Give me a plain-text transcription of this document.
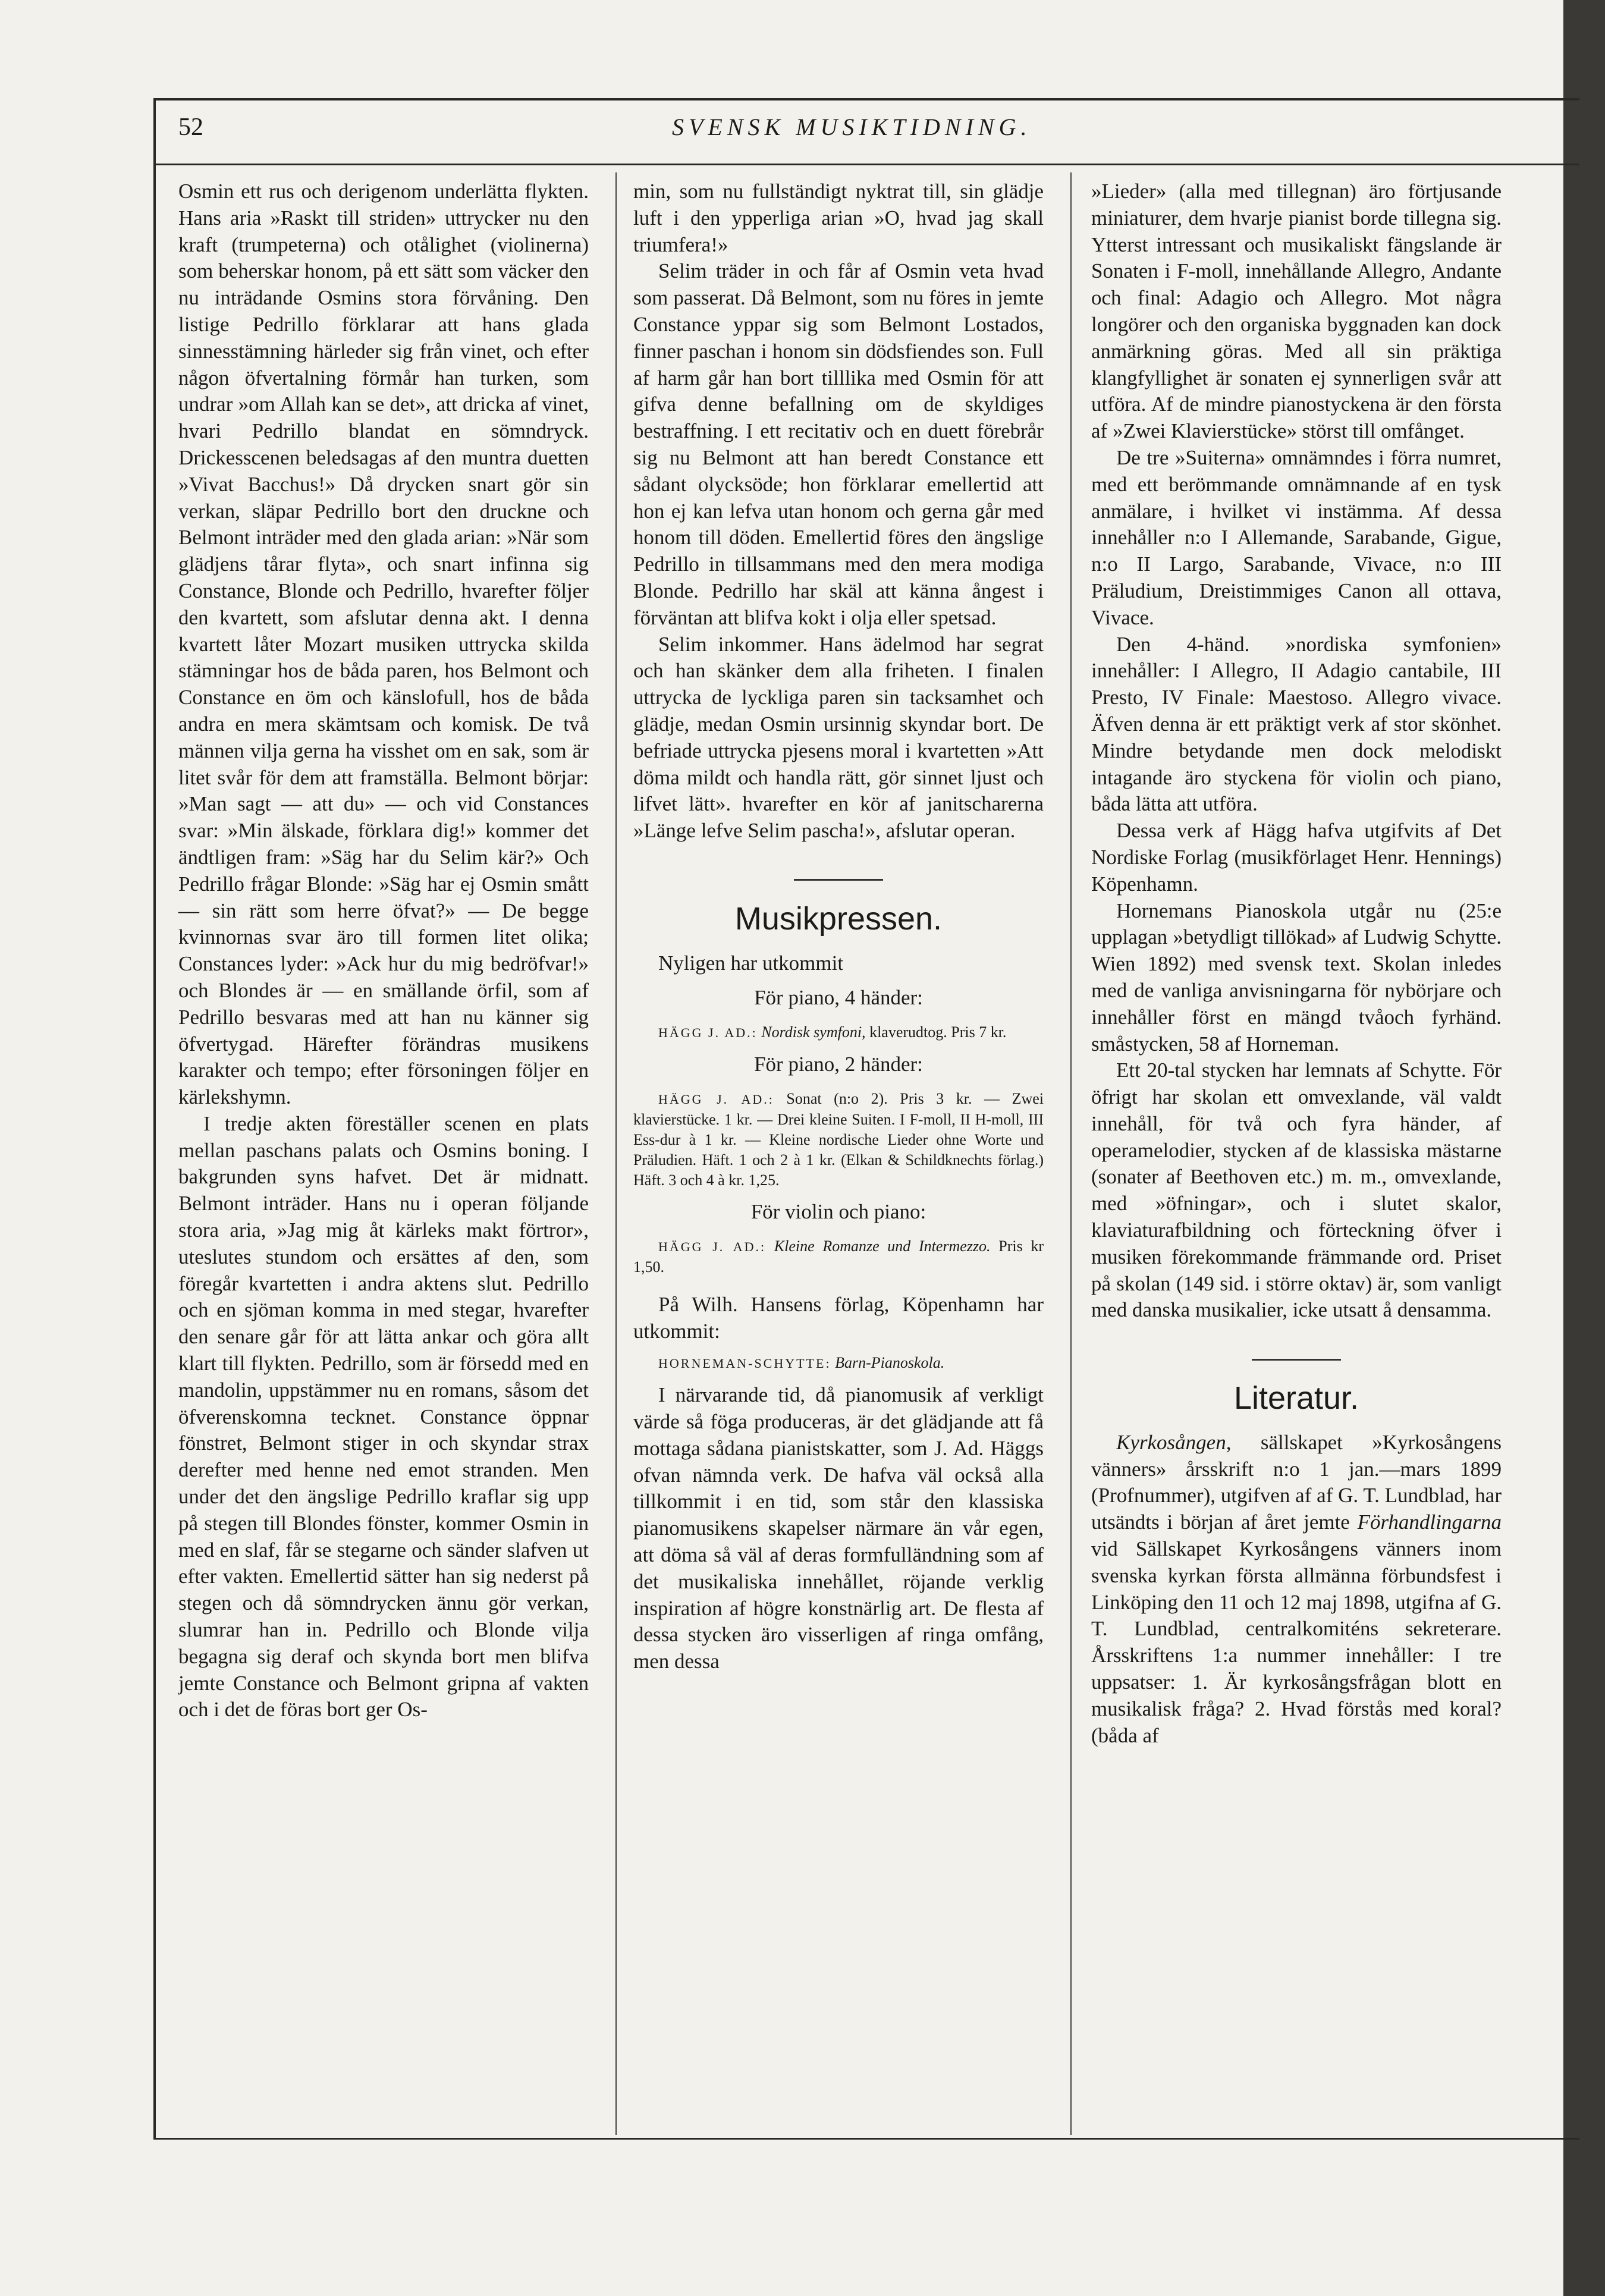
52	SVENSK MUSIKTIDNING.

Osmin ett rus och derigenom underlätta flykten. Hans aria »Raskt till striden» uttrycker nu den kraft (trumpeterna) och otålighet (violinerna) som beherskar honom, på ett sätt som väcker den nu inträdande Osmins stora förvåning. Den listige Pedrillo förklarar att hans glada sinnesstämning härleder sig från vinet, och efter någon öfvertalning förmår han turken, som undrar »om Allah kan se det», att dricka af vinet, hvari Pedrillo blandat en sömndryck. Drickesscenen beledsagas af den muntra duetten »Vivat Bacchus!» Då drycken snart gör sin verkan, släpar Pedrillo bort den druckne och Belmont inträder med den glada arian: »När som glädjens tårar flyta», och snart infinna sig Constance, Blonde och Pedrillo, hvarefter följer den kvartett, som afslutar denna akt. I denna kvartett låter Mozart musiken uttrycka skilda stämningar hos de båda paren, hos Belmont och Constance en öm och känslofull, hos de båda andra en mera skämtsam och komisk. De två männen vilja gerna ha visshet om en sak, som är litet svår för dem att framställa. Belmont börjar: »Man sagt — att du» — och vid Constances svar: »Min älskade, förklara dig!» kommer det ändtligen fram: »Säg har du Selim kär?» Och Pedrillo frågar Blonde: »Säg har ej Osmin smått — sin rätt som herre öfvat?» — De begge kvinnornas svar äro till formen litet olika; Constances lyder: »Ack hur du mig bedröfvar!» och Blondes är — en smällande örfil, som af Pedrillo besvaras med att han nu känner sig öfvertygad. Härefter förändras musikens karakter och tempo; efter försoningen följer en kärlekshymn.

I tredje akten föreställer scenen en plats mellan paschans palats och Osmins boning. I bakgrunden syns hafvet. Det är midnatt. Belmont inträder. Hans nu i operan följande stora aria, »Jag mig åt kärleks makt förtror», uteslutes stundom och ersättes af den, som föregår kvartetten i andra aktens slut. Pedrillo och en sjöman komma in med stegar, hvarefter den senare går för att lätta ankar och göra allt klart till flykten. Pedrillo, som är försedd med en mandolin, uppstämmer nu en romans, såsom det öfverenskomna tecknet. Constance öppnar fönstret, Belmont stiger in och skyndar strax derefter med henne ned emot stranden. Men under det den ängslige Pedrillo kraflar sig upp på stegen till Blondes fönster, kommer Osmin in med en slaf, får se stegarne och sänder slafven ut efter vakten. Emellertid sätter han sig nederst på stegen och då sömndrycken ännu gör verkan, slumrar han in. Pedrillo och Blonde vilja begagna sig deraf och skynda bort men blifva jemte Constance och Belmont gripna af vakten och i det de föras bort ger Os-

min, som nu fullständigt nyktrat till, sin glädje luft i den ypperliga arian »O, hvad jag skall triumfera!»

Selim träder in och får af Osmin veta hvad som passerat. Då Belmont, som nu föres in jemte Constance yppar sig som Belmont Lostados, finner paschan i honom sin dödsfiendes son. Full af harm går han bort tilllika med Osmin för att gifva denne befallning om de skyldiges bestraffning. I ett recitativ och en duett förebrår sig nu Belmont att han beredt Constance ett sådant olycksöde; hon förklarar emellertid att hon ej kan lefva utan honom och gerna går med honom till döden. Emellertid föres den ängslige Pedrillo in tillsammans med den mera modiga Blonde. Pedrillo har skäl att känna ångest i förväntan att blifva kokt i olja eller spetsad.

Selim inkommer. Hans ädelmod har segrat och han skänker dem alla friheten. I finalen uttrycka de lyckliga paren sin tacksamhet och glädje, medan Osmin ursinnig skyndar bort. De befriade uttrycka pjesens moral i kvartetten »Att döma mildt och handla rätt, gör sinnet ljust och lifvet lätt». hvarefter en kör af janitscharerna »Länge lefve Selim pascha!», afslutar operan.

Musikpressen.

Nyligen har utkommit

För piano, 4 händer:

HÄGG J. AD.: Nordisk symfoni, klaverudtog. Pris 7 kr.

För piano, 2 händer:

HÄGG J. AD.: Sonat (n:o 2). Pris 3 kr. — Zwei klavierstücke. 1 kr. — Drei kleine Suiten. I F-moll, II H-moll, III Ess-dur à 1 kr. — Kleine nordische Lieder ohne Worte und Präludien. Häft. 1 och 2 à 1 kr. (Elkan & Schildknechts förlag.) Häft. 3 och 4 à kr. 1,25.

För violin och piano:

HÄGG J. AD.: Kleine Romanze und Intermezzo. Pris kr 1,50.

På Wilh. Hansens förlag, Köpenhamn har utkommit:

HORNEMAN-SCHYTTE: Barn-Pianoskola.

I närvarande tid, då pianomusik af verkligt värde så föga produceras, är det glädjande att få mottaga sådana pianistskatter, som J. Ad. Häggs ofvan nämnda verk. De hafva väl också alla tillkommit i en tid, som står den klassiska pianomusikens skapelser närmare än vår egen, att döma så väl af deras formfulländning som af det musikaliska innehållet, röjande verklig inspiration af högre konstnärlig art. De flesta af dessa stycken äro visserligen af ringa omfång, men dessa

»Lieder» (alla med tillegnan) äro förtjusande miniaturer, dem hvarje pianist borde tillegna sig. Ytterst intressant och musikaliskt fängslande är Sonaten i F-moll, innehållande Allegro, Andante och final: Adagio och Allegro. Mot några longörer och den organiska byggnaden kan dock anmärkning göras. Med all sin präktiga klangfyllighet är sonaten ej synnerligen svår att utföra. Af de mindre pianostyckena är den första af »Zwei Klavierstücke» störst till omfånget.

De tre »Suiterna» omnämndes i förra numret, med ett berömmande omnämnande af en tysk anmälare, i hvilket vi instämma. Af dessa innehåller n:o I Allemande, Sarabande, Gigue, n:o II Largo, Sarabande, Vivace, n:o III Präludium, Dreistimmiges Canon all ottava, Vivace.

Den 4-händ. »nordiska symfonien» innehåller: I Allegro, II Adagio cantabile, III Presto, IV Finale: Maestoso. Allegro vivace. Äfven denna är ett präktigt verk af stor skönhet. Mindre betydande men dock melodiskt intagande äro styckena för violin och piano, båda lätta att utföra.

Dessa verk af Hägg hafva utgifvits af Det Nordiske Forlag (musikförlaget Henr. Hennings) Köpenhamn.

Hornemans Pianoskola utgår nu (25:e upplagan »betydligt tillökad» af Ludwig Schytte. Wien 1892) med svensk text. Skolan inledes med de vanliga anvisningarna för nybörjare och innehåller först en mängd tvåoch fyrhänd. småstycken, 58 af Horneman.

Ett 20-tal stycken har lemnats af Schytte. För öfrigt har skolan ett omvexlande, väl valdt innehåll, för två och fyra händer, af operamelodier, stycken af de klassiska mästarne (sonater af Beethoven etc.) m. m., omvexlande, med »öfningar», och i slutet skalor, klaviaturafbildning och förteckning öfver i musiken förekommande främmande ord. Priset på skolan (149 sid. i större oktav) är, som vanligt med danska musikalier, icke utsatt å densamma.

Literatur.

Kyrkosången, sällskapet »Kyrkosångens vänners» årsskrift n:o 1 jan.—mars 1899 (Profnummer), utgifven af af G. T. Lundblad, har utsändts i början af året jemte Förhandlingarna vid Sällskapet Kyrkosångens vänners inom svenska kyrkan första allmänna förbundsfest i Linköping den 11 och 12 maj 1898, utgifna af G. T. Lundblad, centralkomiténs sekreterare. Årsskriftens 1:a nummer innehåller: I tre uppsatser: 1. Är kyrkosångsfrågan blott en musikalisk fråga? 2. Hvad förstås med koral? (båda af
